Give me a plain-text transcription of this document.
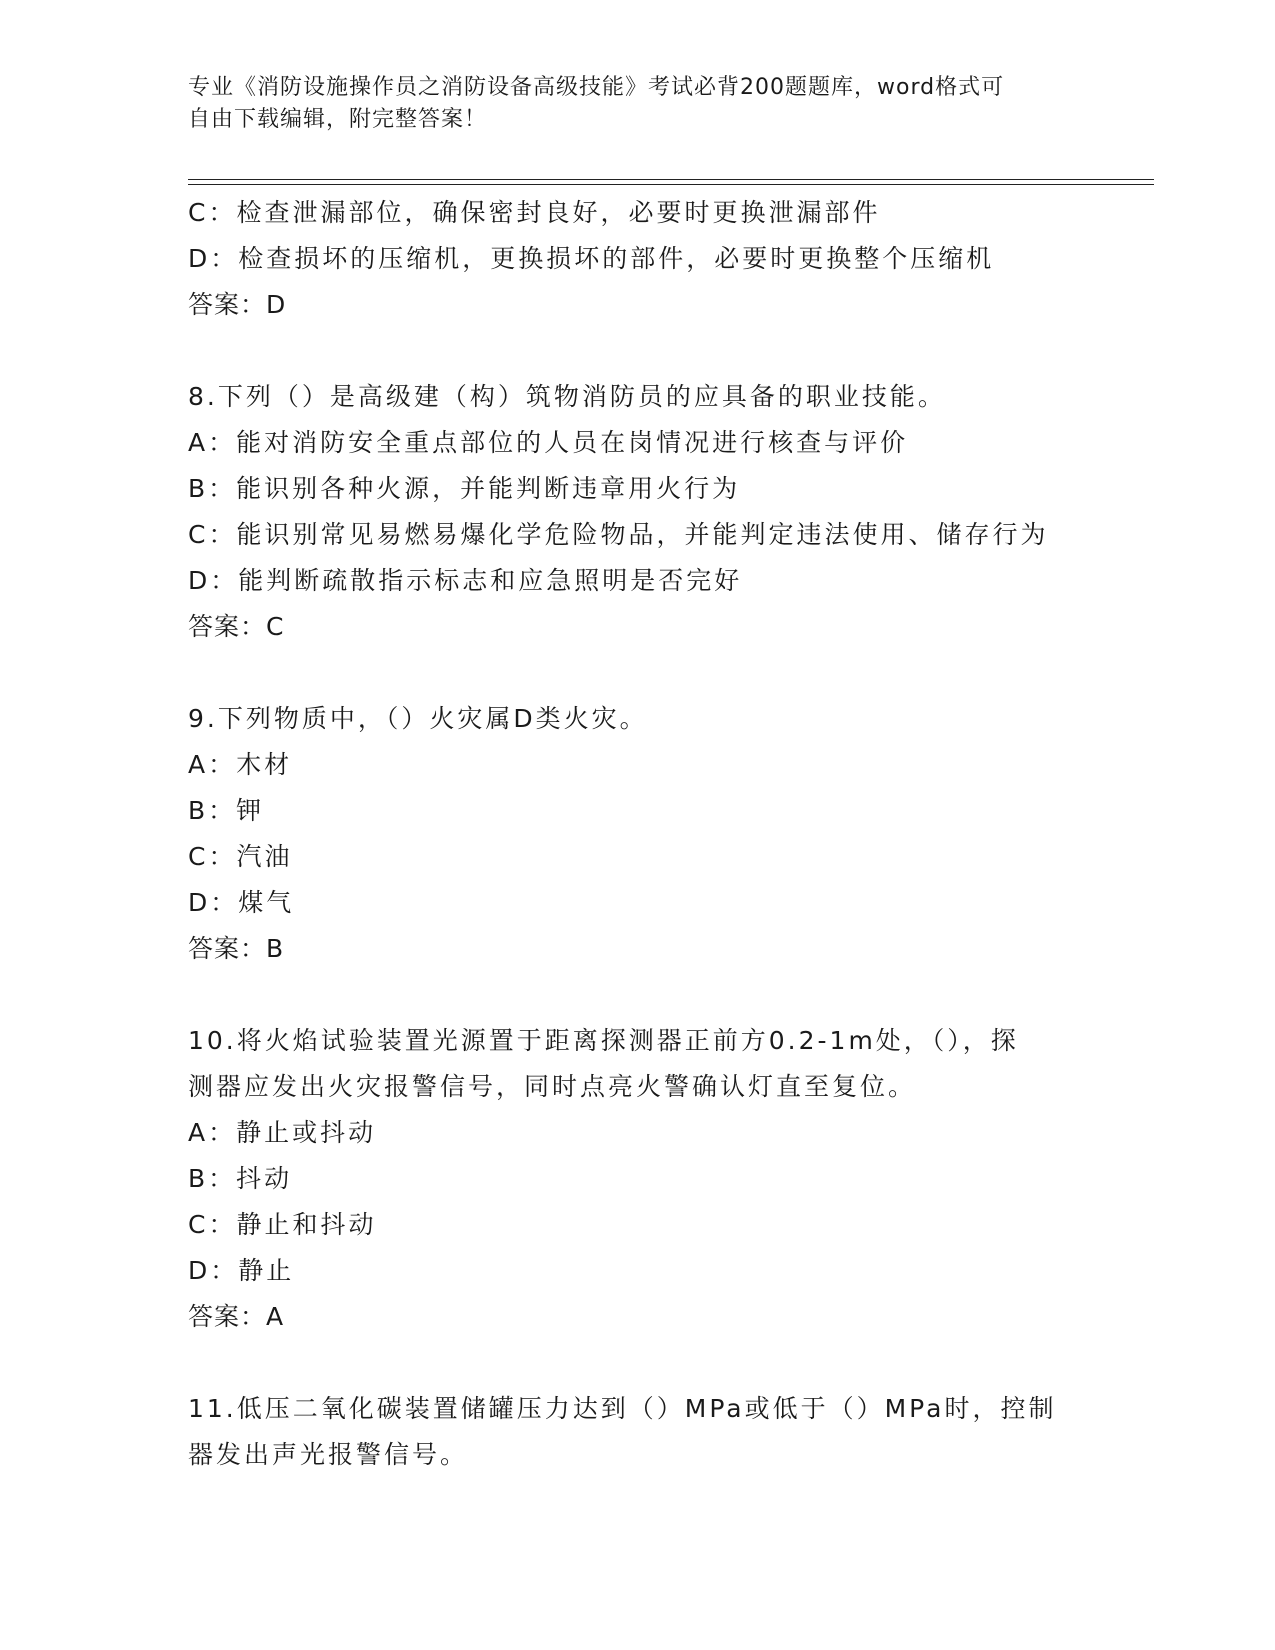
专业《消防设施操作员之消防设备高级技能》考试必背200题题库，word格式可
自由下载编辑，附完整答案！
C：检查泄漏部位，确保密封良好，必要时更换泄漏部件
D：检查损坏的压缩机，更换损坏的部件，必要时更换整个压缩机
答案：D
8.下列（）是高级建（构）筑物消防员的应具备的职业技能。
A：能对消防安全重点部位的人员在岗情况进行核查与评价
B：能识别各种火源，并能判断违章用火行为
C：能识别常见易燃易爆化学危险物品，并能判定违法使用、储存行为
D：能判断疏散指示标志和应急照明是否完好
答案：C
9.下列物质中，（）火灾属D类火灾。
A：木材
B：钾
C：汽油
D：煤气
答案：B
10.将火焰试验装置光源置于距离探测器正前方0.2-1m处，（），探
测器应发出火灾报警信号，同时点亮火警确认灯直至复位。
A：静止或抖动
B：抖动
C：静止和抖动
D：静止
答案：A
11.低压二氧化碳装置储罐压力达到（）MPa或低于（）MPa时，控制
器发出声光报警信号。
